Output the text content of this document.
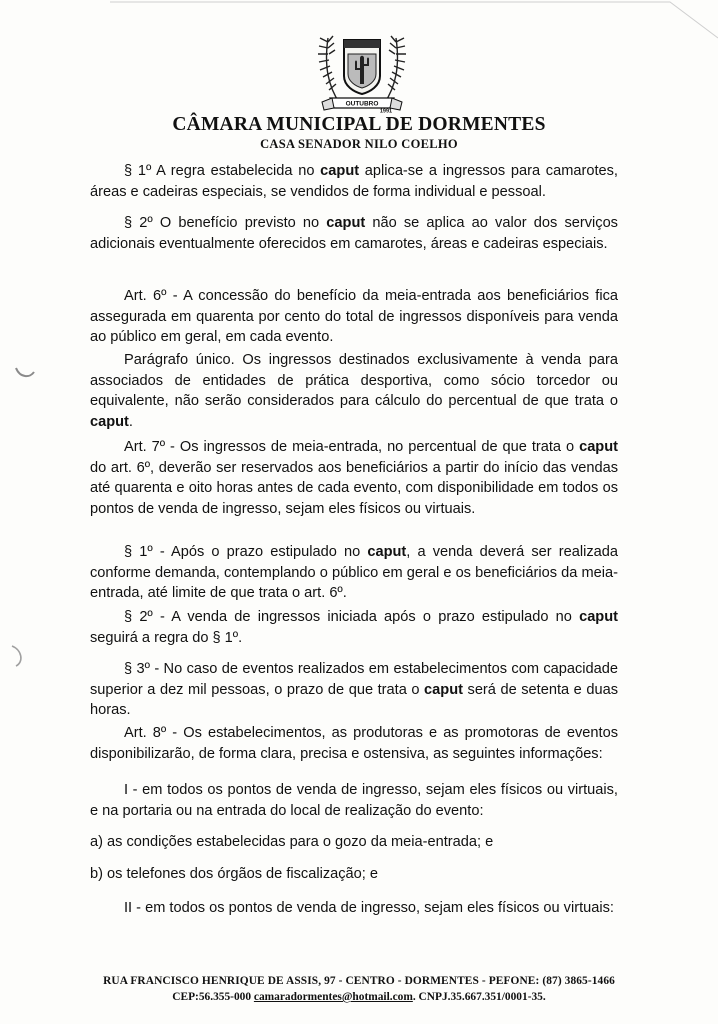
OUTUBRO
1991
CÂMARA MUNICIPAL DE DORMENTES
CASA SENADOR NILO COELHO
§ 1º A regra estabelecida no caput aplica-se a ingressos para camarotes, áreas e cadeiras especiais, se vendidos de forma individual e pessoal.
§ 2º O benefício previsto no caput não se aplica ao valor dos serviços adicionais eventualmente oferecidos em camarotes, áreas e cadeiras especiais.
Art. 6º - A concessão do benefício da meia-entrada aos beneficiários fica assegurada em quarenta por cento do total de ingressos disponíveis para venda ao público em geral, em cada evento.
Parágrafo único. Os ingressos destinados exclusivamente à venda para associados de entidades de prática desportiva, como sócio torcedor ou equivalente, não serão considerados para cálculo do percentual de que trata o caput.
Art. 7º - Os ingressos de meia-entrada, no percentual de que trata o caput do art. 6º, deverão ser reservados aos beneficiários a partir do início das vendas até quarenta e oito horas antes de cada evento, com disponibilidade em todos os pontos de venda de ingresso, sejam eles físicos ou virtuais.
§ 1º - Após o prazo estipulado no caput, a venda deverá ser realizada conforme demanda, contemplando o público em geral e os beneficiários da meia-entrada, até limite de que trata o art. 6º.
§ 2º - A venda de ingressos iniciada após o prazo estipulado no caput seguirá a regra do § 1º.
§ 3º - No caso de eventos realizados em estabelecimentos com capacidade superior a dez mil pessoas, o prazo de que trata o caput será de setenta e duas horas.
Art. 8º - Os estabelecimentos, as produtoras e as promotoras de eventos disponibilizarão, de forma clara, precisa e ostensiva, as seguintes informações:
I - em todos os pontos de venda de ingresso, sejam eles físicos ou virtuais, e na portaria ou na entrada do local de realização do evento:
a) as condições estabelecidas para o gozo da meia-entrada; e
b) os telefones dos órgãos de fiscalização; e
II - em todos os pontos de venda de ingresso, sejam eles físicos ou virtuais:
RUA FRANCISCO HENRIQUE DE ASSIS, 97 - CENTRO - DORMENTES - PEFONE: (87) 3865-1466
CEP:56.355-000 camaradormentes@hotmail.com. CNPJ.35.667.351/0001-35.
